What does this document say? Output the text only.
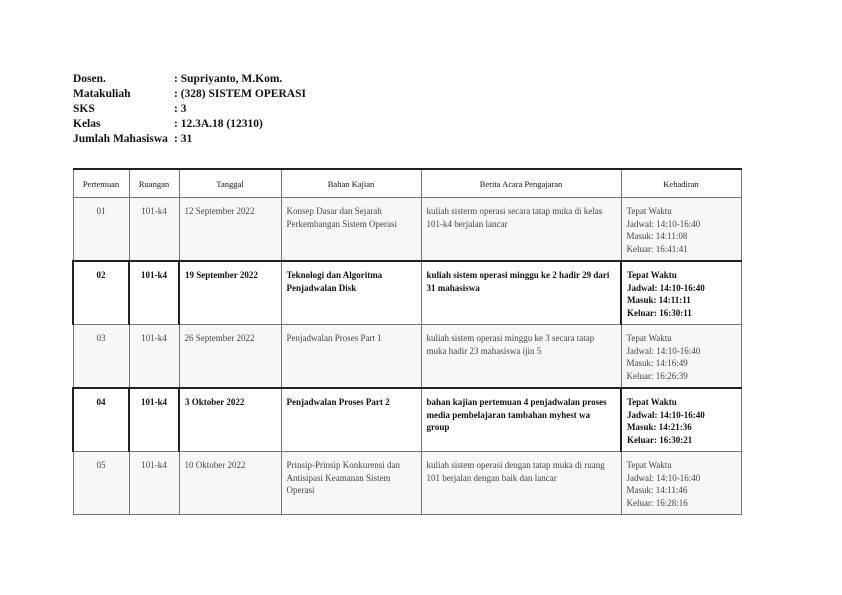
Dosen.	: Supriyanto, M.Kom.
Matakuliah	: (328) SISTEM OPERASI
SKS	: 3
Kelas	: 12.3A.18 (12310)
Jumlah Mahasiswa : 31
Pertemuan	Ruangan	Tanggal	Bahan Kajian	Berita Acara Pengajaran	Kehadiran
01	101-k4	12 September 2022	Konsep Dasar dan Sejarah Perkembangan Sistem Operasi	kuliah sisterm operasi secara tatap muka di kelas 101-k4 berjalan lancar	Tepat Waktu
Jadwal: 14:10-16:40
Masuk: 14:11:08
Keluar: 16:41:41

02	101-k4	19 September 2022	Teknologi dan Algoritma Penjadwalan Disk	kuliah sistem operasi minggu ke 2 hadir 29 dari 31 mahasiswa	Tepat Waktu
Jadwal: 14:10-16:40
Masuk: 14:11:11
Keluar: 16:30:11

03	101-k4	26 September 2022	Penjadwalan Proses Part 1	kuliah sistem operasi minggu ke 3 secara tatap muka hadir 23 mahasiswa ijin 5	Tepat Waktu
Jadwal: 14:10-16:40
Masuk: 14:16:49
Keluar: 16:26:39

04	101-k4	3 Oktober 2022	Penjadwalan Proses Part 2	bahan kajian pertemuan 4 penjadwalan proses media pembelajaran tambahan myhest wa group	Tepat Waktu
Jadwal: 14:10-16:40
Masuk: 14:21:36
Keluar: 16:30:21

05	101-k4	10 Oktober 2022	Prinsip-Prinsip Konkurensi dan Antisipasi Keamanan Sistem Operasi	kuliah sistem operasi dengan tatap muka di ruang 101 berjalan dengan baik dan lancar	Tepat Waktu
Jadwal: 14:10-16:40
Masuk: 14:11:46
Keluar: 16:28:16
